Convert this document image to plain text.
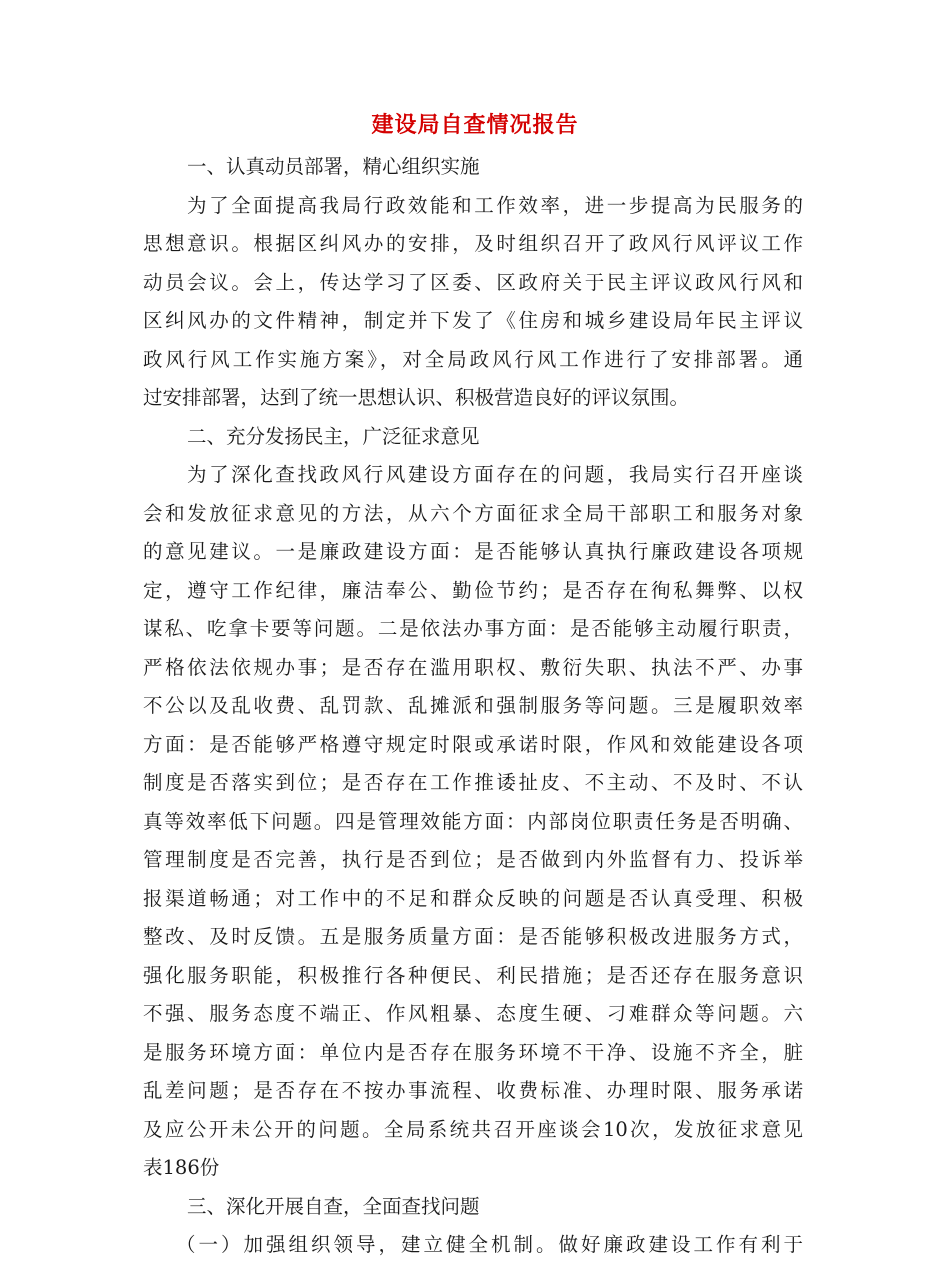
建设局自查情况报告
一、认真动员部署，精心组织实施
为了全面提高我局行政效能和工作效率，进一步提高为民服务的
思想意识。根据区纠风办的安排，及时组织召开了政风行风评议工作
动员会议。会上，传达学习了区委、区政府关于民主评议政风行风和
区纠风办的文件精神，制定并下发了《住房和城乡建设局年民主评议
政风行风工作实施方案》，对全局政风行风工作进行了安排部署。通
过安排部署，达到了统一思想认识、积极营造良好的评议氛围。
二、充分发扬民主，广泛征求意见
为了深化查找政风行风建设方面存在的问题，我局实行召开座谈
会和发放征求意见的方法，从六个方面征求全局干部职工和服务对象
的意见建议。一是廉政建设方面：是否能够认真执行廉政建设各项规
定，遵守工作纪律，廉洁奉公、勤俭节约；是否存在徇私舞弊、以权
谋私、吃拿卡要等问题。二是依法办事方面：是否能够主动履行职责，
严格依法依规办事；是否存在滥用职权、敷衍失职、执法不严、办事
不公以及乱收费、乱罚款、乱摊派和强制服务等问题。三是履职效率
方面：是否能够严格遵守规定时限或承诺时限，作风和效能建设各项
制度是否落实到位；是否存在工作推诿扯皮、不主动、不及时、不认
真等效率低下问题。四是管理效能方面：内部岗位职责任务是否明确、
管理制度是否完善，执行是否到位；是否做到内外监督有力、投诉举
报渠道畅通；对工作中的不足和群众反映的问题是否认真受理、积极
整改、及时反馈。五是服务质量方面：是否能够积极改进服务方式，
强化服务职能，积极推行各种便民、利民措施；是否还存在服务意识
不强、服务态度不端正、作风粗暴、态度生硬、刁难群众等问题。六
是服务环境方面：单位内是否存在服务环境不干净、设施不齐全，脏
乱差问题；是否存在不按办事流程、收费标准、办理时限、服务承诺
及应公开未公开的问题。全局系统共召开座谈会10次，发放征求意见
表186份
三、深化开展自查，全面查找问题
（一）加强组织领导，建立健全机制。做好廉政建设工作有利于
